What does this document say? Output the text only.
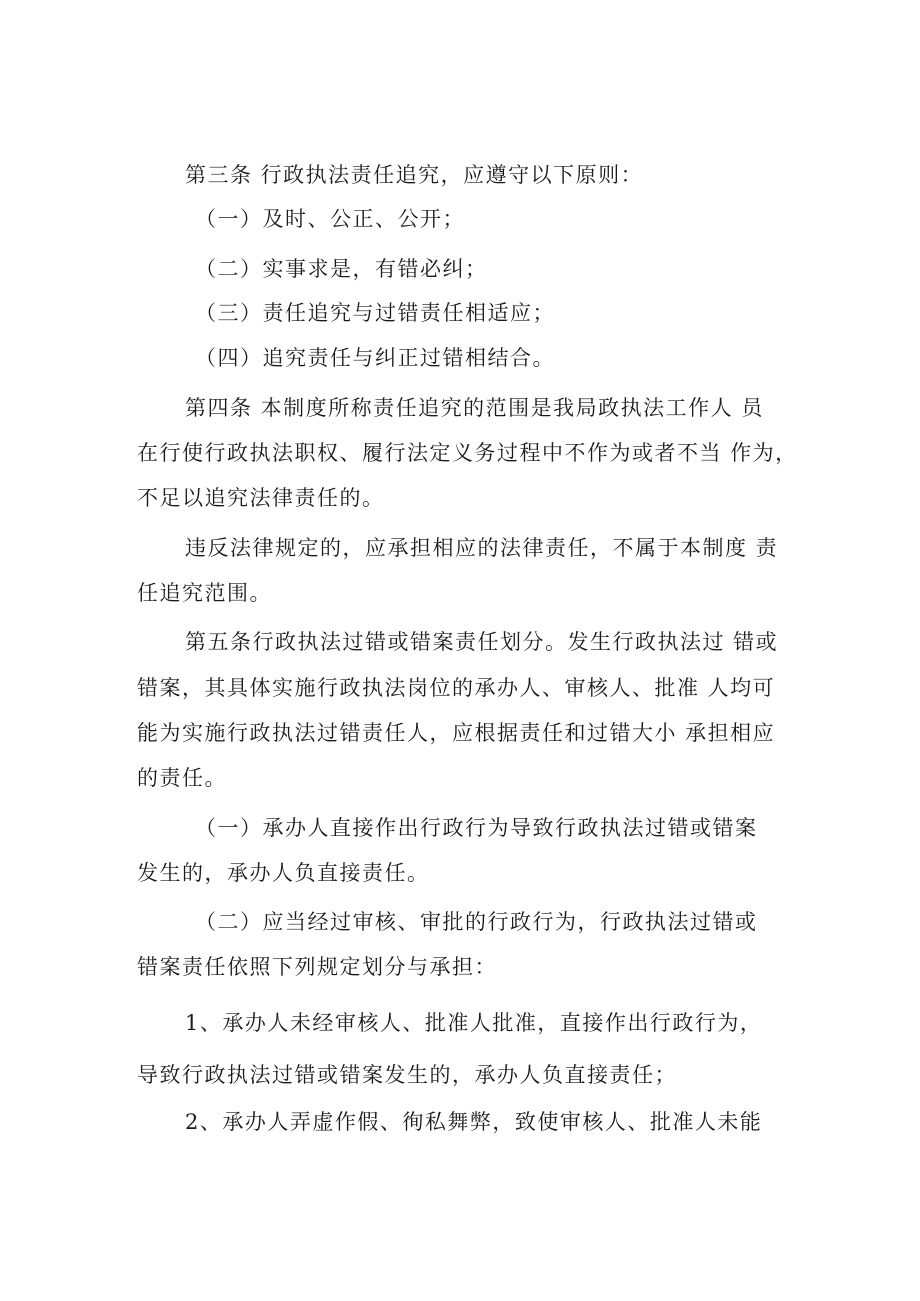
第三条 行政执法责任追究，应遵守以下原则：

（一）及时、公正、公开；

（二）实事求是，有错必纠；

（三）责任追究与过错责任相适应；

（四）追究责任与纠正过错相结合。

第四条 本制度所称责任追究的范围是我局政执法工作人 员

在行使行政执法职权、履行法定义务过程中不作为或者不当 作为，

不足以追究法律责任的。

违反法律规定的，应承担相应的法律责任，不属于本制度 责

任追究范围。

第五条行政执法过错或错案责任划分。发生行政执法过 错或

错案，其具体实施行政执法岗位的承办人、审核人、批准 人均可

能为实施行政执法过错责任人，应根据责任和过错大小 承担相应

的责任。

（一）承办人直接作出行政行为导致行政执法过错或错案

发生的，承办人负直接责任。

（二）应当经过审核、审批的行政行为，行政执法过错或

错案责任依照下列规定划分与承担：

1、承办人未经审核人、批准人批准，直接作出行政行为，

导致行政执法过错或错案发生的，承办人负直接责任；

2、承办人弄虚作假、徇私舞弊，致使审核人、批准人未能
